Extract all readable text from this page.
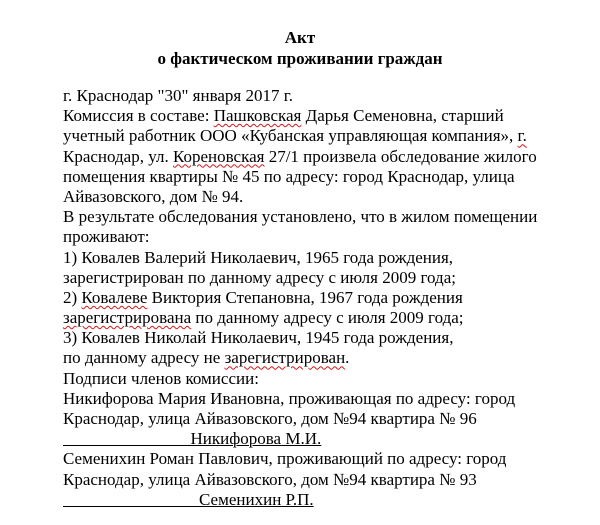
Акт
о фактическом проживании граждан
г. Краснодар "30" января 2017 г.
Комиссия в составе: Пашковская Дарья Семеновна, старший
учетный работник ООО «Кубанская управляющая компания», г.
Краснодар, ул. Кореновская 27/1 произвела обследование жилого
помещения квартиры № 45 по адресу: город Краснодар, улица
Айвазовского, дом № 94.
В результате обследования установлено, что в жилом помещении
проживают:
1) Ковалев Валерий Николаевич, 1965 года рождения,
зарегистрирован по данному адресу с июля 2009 года;
2) Ковалеве Виктория Степановна, 1967 года рождения
зарегистрирована по данному адресу с июля 2009 года;
3) Ковалев Николай Николаевич, 1945 года рождения,
по данному адресу не зарегистрирован.
Подписи членов комиссии:
Никифорова Мария Ивановна, проживающая по адресу: город
Краснодар, улица Айвазовского, дом №94 квартира № 96
Никифорова М.И.
Семенихин Роман Павлович, проживающий по адресу: город
Краснодар, улица Айвазовского, дом №94 квартира № 93
Семенихин Р.П.
